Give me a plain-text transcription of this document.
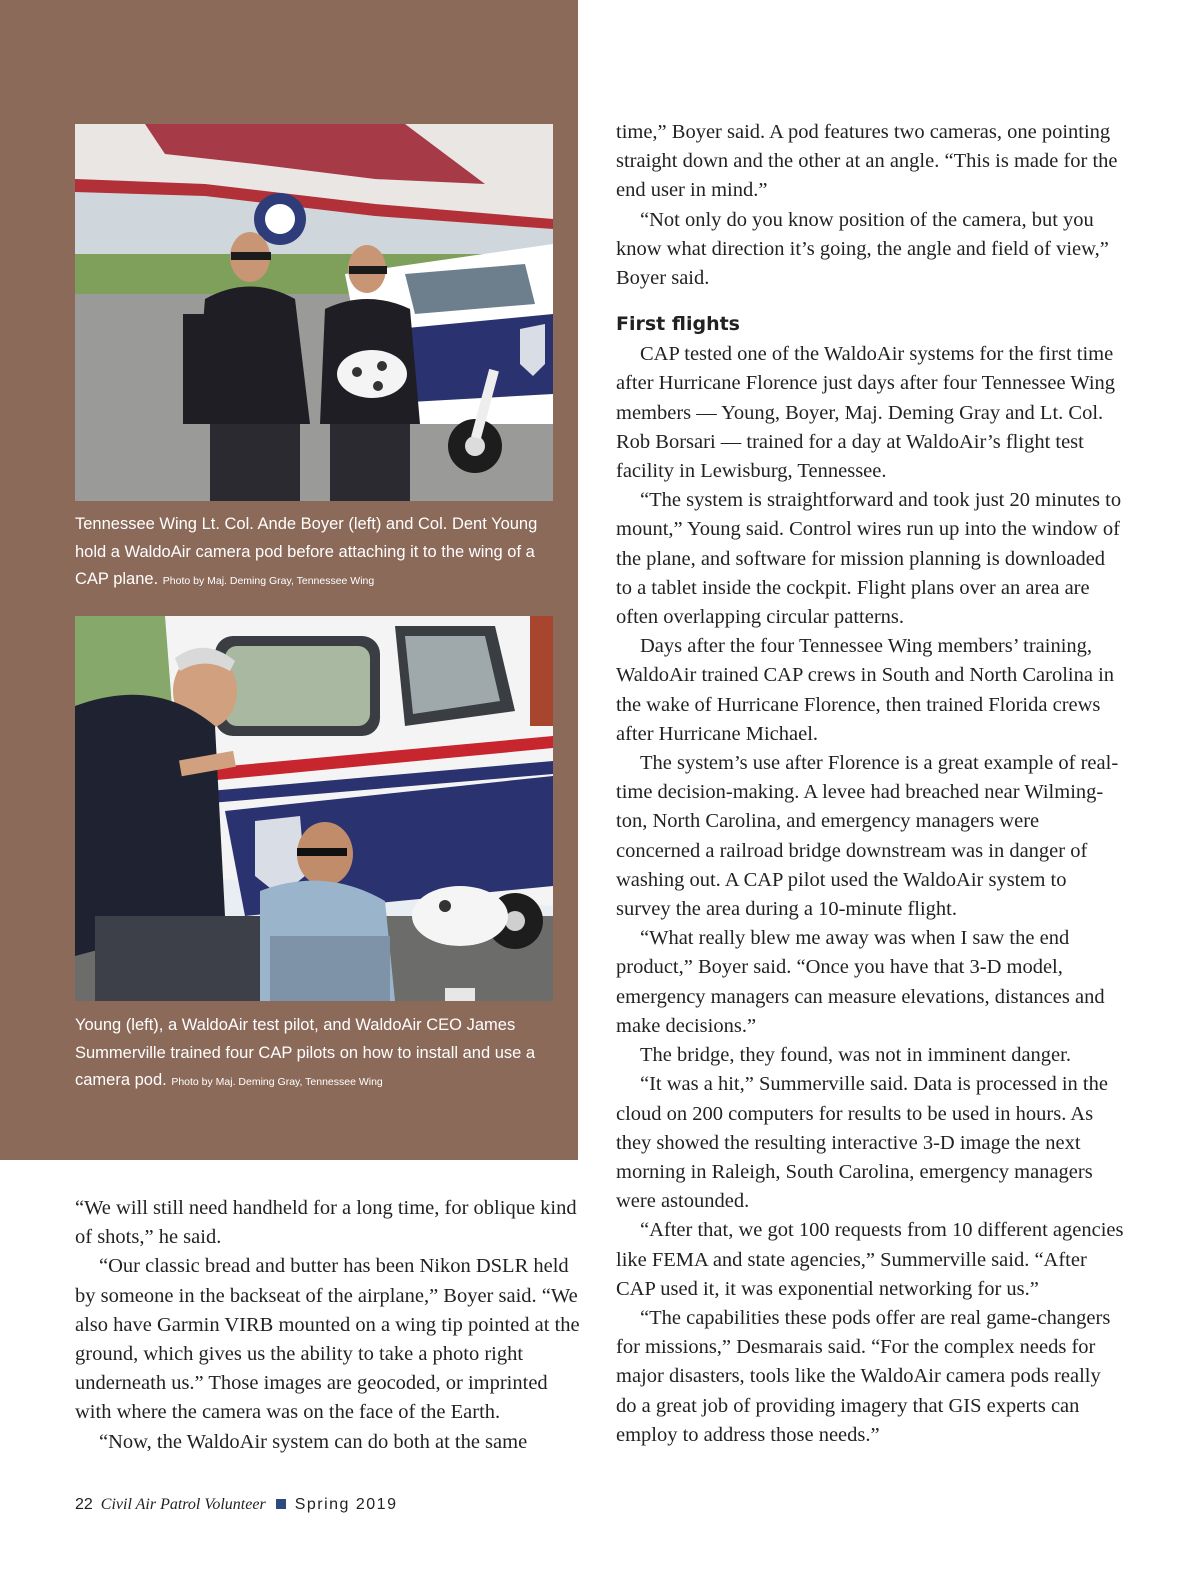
Tennessee Wing Lt. Col. Ande Boyer (left) and Col. Dent Young hold a WaldoAir camera pod before attaching it to the wing of a CAP plane. Photo by Maj. Deming Gray, Tennessee Wing

Young (left), a WaldoAir test pilot, and WaldoAir CEO James Summerville trained four CAP pilots on how to install and use a camera pod. Photo by Maj. Deming Gray, Tennessee Wing

“We will still need handheld for a long time, for oblique kind of shots,” he said.

“Our classic bread and butter has been Nikon DSLR held by someone in the backseat of the airplane,” Boyer said. “We also have Garmin VIRB mounted on a wing tip pointed at the ground, which gives us the ability to take a photo right underneath us.” Those images are geocoded, or imprinted with where the camera was on the face of the Earth.

“Now, the WaldoAir system can do both at the same

time,” Boyer said. A pod features two cameras, one pointing straight down and the other at an angle. “This is made for the end user in mind.”

“Not only do you know position of the camera, but you know what direction it’s going, the angle and field of view,” Boyer said.

First flights

CAP tested one of the WaldoAir systems for the first time after Hurricane Florence just days after four Tennessee Wing members — Young, Boyer, Maj. Deming Gray and Lt. Col. Rob Borsari — trained for a day at WaldoAir’s flight test facility in Lewisburg, Tennessee.

“The system is straightforward and took just 20 minutes to mount,” Young said. Control wires run up into the window of the plane, and software for mission planning is downloaded to a tablet inside the cockpit. Flight plans over an area are often overlapping circular patterns.

Days after the four Tennessee Wing members’ training, WaldoAir trained CAP crews in South and North Carolina in the wake of Hurricane Florence, then trained Florida crews after Hurricane Michael.

The system’s use after Florence is a great example of realtime decision-making. A levee had breached near Wilmington, North Carolina, and emergency managers were concerned a railroad bridge downstream was in danger of washing out. A CAP pilot used the WaldoAir system to survey the area during a 10-minute flight.

“What really blew me away was when I saw the end product,” Boyer said. “Once you have that 3-D model, emergency managers can measure elevations, distances and make decisions.”

The bridge, they found, was not in imminent danger.

“It was a hit,” Summerville said. Data is processed in the cloud on 200 computers for results to be used in hours. As they showed the resulting interactive 3-D image the next morning in Raleigh, South Carolina, emergency managers were astounded.

“After that, we got 100 requests from 10 different agencies like FEMA and state agencies,” Summerville said. “After CAP used it, it was exponential networking for us.”

“The capabilities these pods offer are real game-changers for missions,” Desmarais said. “For the complex needs for major disasters, tools like the WaldoAir camera pods really do a great job of providing imagery that GIS experts can employ to address those needs.”

22 Civil Air Patrol Volunteer Spring 2019
